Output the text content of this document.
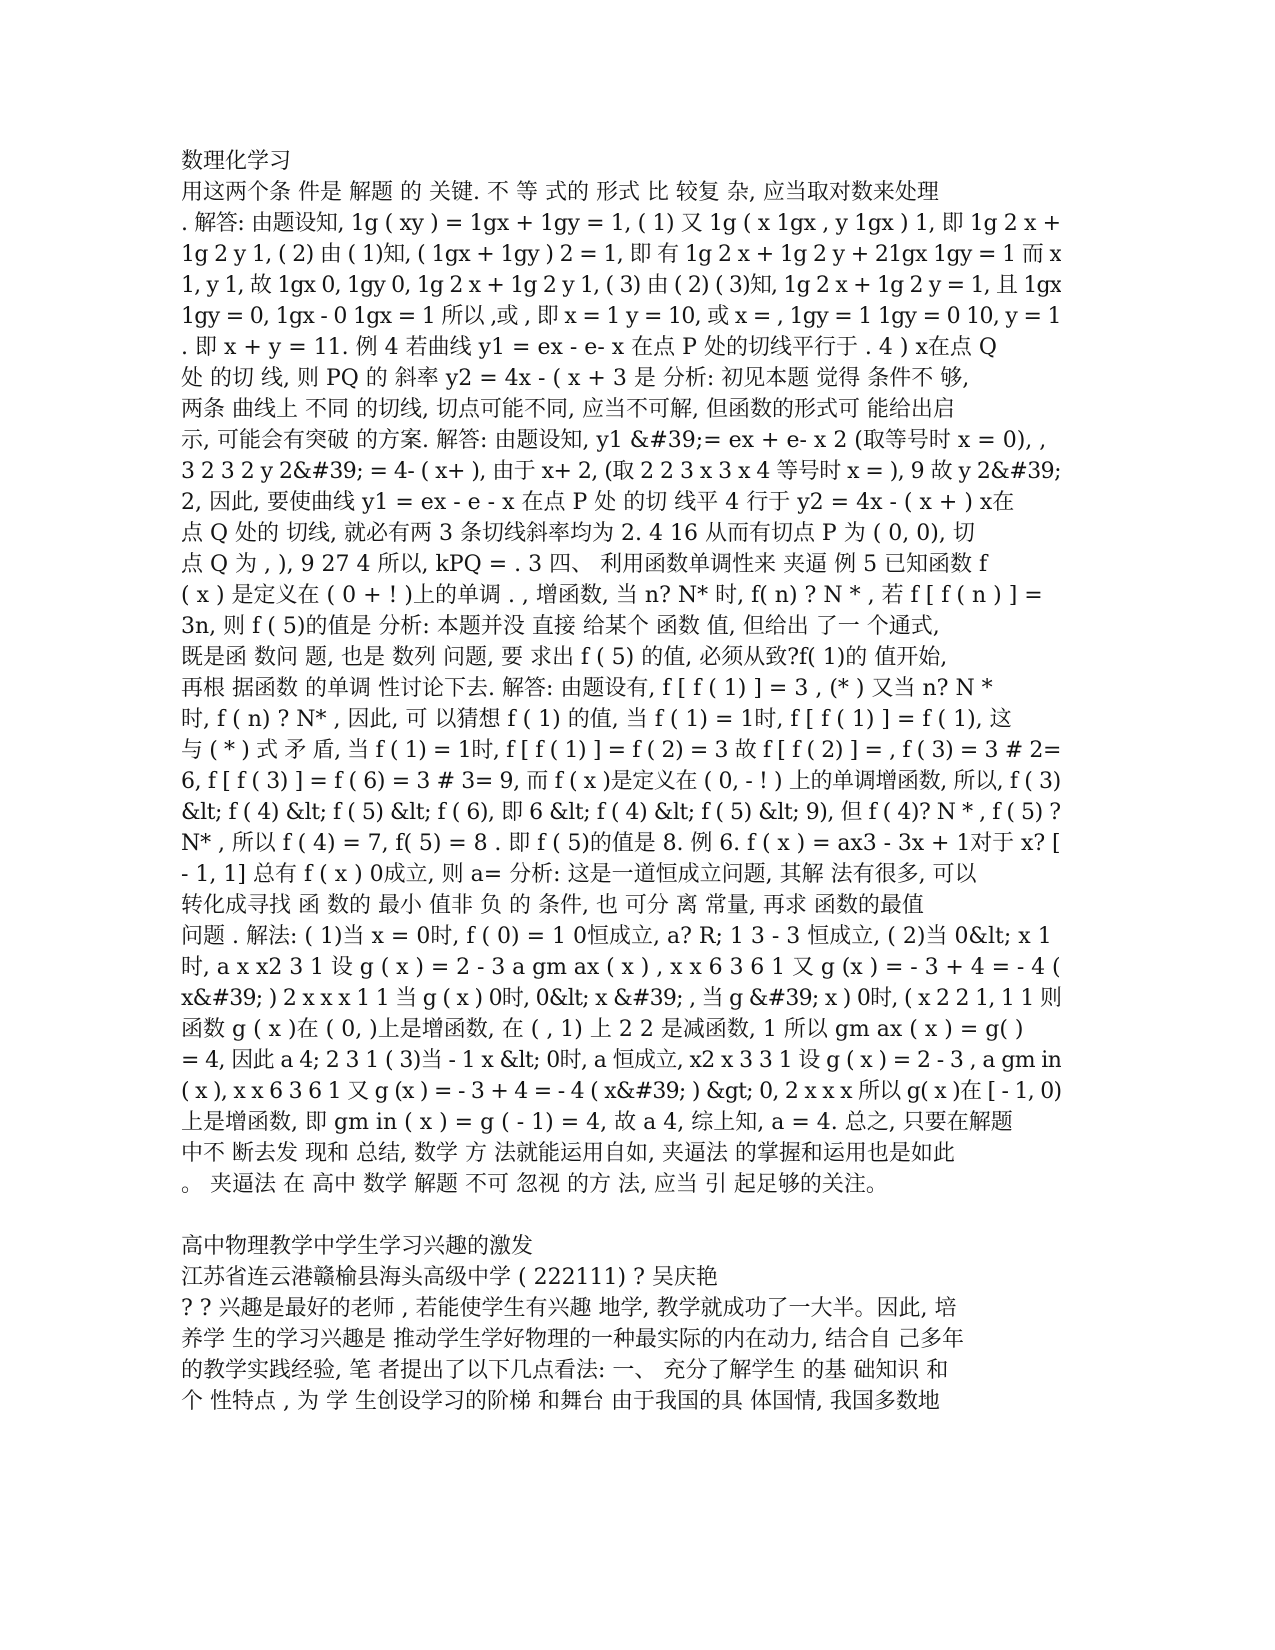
数理化学习
用这两个条 件是 解题 的 关键. 不 等 式的 形式 比 较复 杂, 应当取对数来处理
. 解答: 由题设知, 1g ( xy ) = 1gx + 1gy = 1, ( 1) 又 1g ( x 1gx , y 1gx ) 1, 即 1g 2 x +
1g 2 y 1, ( 2) 由 ( 1)知, ( 1gx + 1gy ) 2 = 1, 即 有 1g 2 x + 1g 2 y + 21gx 1gy = 1 而 x
1, y 1, 故 1gx 0, 1gy 0, 1g 2 x + 1g 2 y 1, ( 3) 由 ( 2) ( 3)知, 1g 2 x + 1g 2 y = 1, 且 1gx
1gy = 0, 1gx - 0 1gx = 1 所以 ,或 , 即 x = 1 y = 10, 或 x = , 1gy = 1 1gy = 0 10, y = 1
. 即 x + y = 11. 例 4 若曲线 y1 = ex - e- x 在点 P 处的切线平行于 . 4 ) x在点 Q
处 的切 线, 则 PQ 的 斜率 y2 = 4x - ( x + 3 是 分析: 初见本题 觉得 条件不 够,
两条 曲线上 不同 的切线, 切点可能不同, 应当不可解, 但函数的形式可 能给出启
示, 可能会有突破 的方案. 解答: 由题设知, y1 &#39;= ex + e- x 2 (取等号时 x = 0), ,
3 2 3 2 y 2&#39; = 4- ( x+ ), 由于 x+ 2, (取 2 2 3 x 3 x 4 等号时 x = ), 9 故 y 2&#39;
2, 因此, 要使曲线 y1 = ex - e - x 在点 P 处 的切 线平 4 行于 y2 = 4x - ( x + ) x在
点 Q 处的 切线, 就必有两 3 条切线斜率均为 2. 4 16 从而有切点 P 为 ( 0, 0), 切
点 Q 为 , ), 9 27 4 所以, kPQ = . 3 四、 利用函数单调性来 夹逼 例 5 已知函数 f
( x ) 是定义在 ( 0 + ! )上的单调 . , 增函数, 当 n? N* 时, f( n) ? N * , 若 f [ f ( n ) ] =
3n, 则 f ( 5)的值是 分析: 本题并没 直接 给某个 函数 值, 但给出 了一 个通式,
既是函 数问 题, 也是 数列 问题, 要 求出 f ( 5) 的值, 必须从致?f( 1)的 值开始,
再根 据函数 的单调 性讨论下去. 解答: 由题设有, f [ f ( 1) ] = 3 , (* ) 又当 n? N *
时, f ( n) ? N* , 因此, 可 以猜想 f ( 1) 的值, 当 f ( 1) = 1时, f [ f ( 1) ] = f ( 1), 这
与 ( * ) 式 矛 盾, 当 f ( 1) = 1时, f [ f ( 1) ] = f ( 2) = 3 故 f [ f ( 2) ] = , f ( 3) = 3 # 2=
6, f [ f ( 3) ] = f ( 6) = 3 # 3= 9, 而 f ( x )是定义在 ( 0, - ! ) 上的单调增函数, 所以, f ( 3)
&lt; f ( 4) &lt; f ( 5) &lt; f ( 6), 即 6 &lt; f ( 4) &lt; f ( 5) &lt; 9), 但 f ( 4)? N * , f ( 5) ?
N* , 所以 f ( 4) = 7, f( 5) = 8 . 即 f ( 5)的值是 8. 例 6. f ( x ) = ax3 - 3x + 1对于 x? [
- 1, 1] 总有 f ( x ) 0成立, 则 a= 分析: 这是一道恒成立问题, 其解 法有很多, 可以
转化成寻找 函 数的 最小 值非 负 的 条件, 也 可分 离 常量, 再求 函数的最值
问题 . 解法: ( 1)当 x = 0时, f ( 0) = 1 0恒成立, a? R; 1 3 - 3 恒成立, ( 2)当 0&lt; x 1
时, a x x2 3 1 设 g ( x ) = 2 - 3 a gm ax ( x ) , x x 6 3 6 1 又 g (x ) = - 3 + 4 = - 4 (
x&#39; ) 2 x x x 1 1 当 g ( x ) 0时, 0&lt; x &#39; , 当 g &#39; x ) 0时, ( x 2 2 1, 1 1 则
函数 g ( x )在 ( 0, )上是增函数, 在 ( , 1) 上 2 2 是减函数, 1 所以 gm ax ( x ) = g( )
= 4, 因此 a 4; 2 3 1 ( 3)当 - 1 x &lt; 0时, a 恒成立, x2 x 3 3 1 设 g ( x ) = 2 - 3 , a gm in
( x ), x x 6 3 6 1 又 g (x ) = - 3 + 4 = - 4 ( x&#39; ) &gt; 0, 2 x x x 所以 g( x )在 [ - 1, 0)
上是增函数, 即 gm in ( x ) = g ( - 1) = 4, 故 a 4, 综上知, a = 4. 总之, 只要在解题
中不 断去发 现和 总结, 数学 方 法就能运用自如, 夹逼法 的掌握和运用也是如此
。 夹逼法 在 高中 数学 解题 不可 忽视 的方 法, 应当 引 起足够的关注。
高中物理教学中学生学习兴趣的激发
江苏省连云港赣榆县海头高级中学 ( 222111) ? 吴庆艳
? ? 兴趣是最好的老师 , 若能使学生有兴趣 地学, 教学就成功了一大半。因此, 培
养学 生的学习兴趣是 推动学生学好物理的一种最实际的内在动力, 结合自 己多年
的教学实践经验, 笔 者提出了以下几点看法: 一、 充分了解学生 的基 础知识 和
个 性特点 , 为 学 生创设学习的阶梯 和舞台 由于我国的具 体国情, 我国多数地
